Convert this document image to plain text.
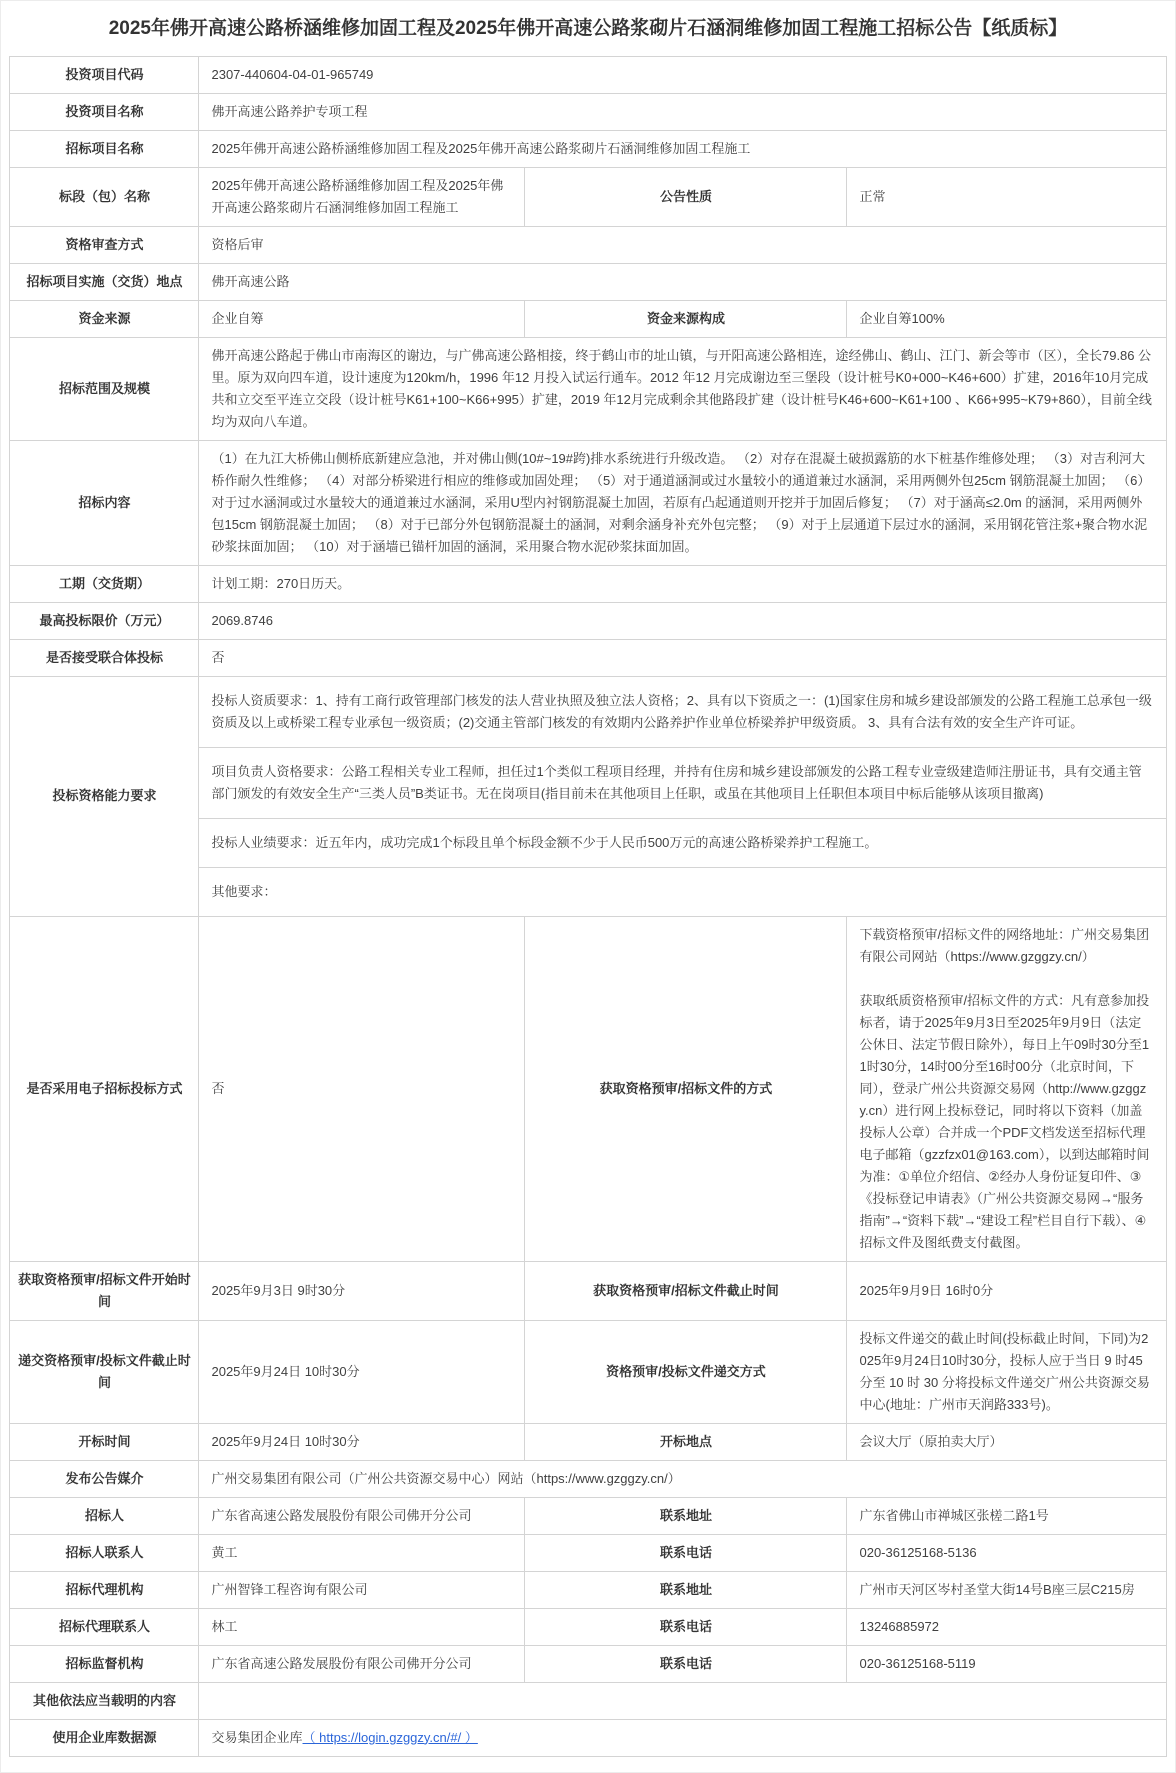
2025年佛开高速公路桥涵维修加固工程及2025年佛开高速公路浆砌片石涵洞维修加固工程施工招标公告【纸质标】
投资项目代码	2307-440604-04-01-965749		
投资项目名称	佛开高速公路养护专项工程		
招标项目名称	2025年佛开高速公路桥涵维修加固工程及2025年佛开高速公路浆砌片石涵洞维修加固工程施工		
标段（包）名称	2025年佛开高速公路桥涵维修加固工程及2025年佛开高速公路浆砌片石涵洞维修加固工程施工	公告性质	正常
资格审查方式	资格后审		
招标项目实施（交货）地点	佛开高速公路		
资金来源	企业自筹	资金来源构成	企业自筹100%
招标范围及规模	佛开高速公路起于佛山市南海区的谢边，与广佛高速公路相接，终于鹤山市的址山镇，与开阳高速公路相连，途经佛山、鹤山、江门、新会等市（区），全长79.86 公里。原为双向四车道，设计速度为120km/h，1996 年12 月投入试运行通车。2012 年12 月完成谢边至三堡段（设计桩号K0+000~K46+600）扩建，2016年10月完成共和立交至平连立交段（设计桩号K61+100~K66+995）扩建，2019 年12月完成剩余其他路段扩建（设计桩号K46+600~K61+100 、K66+995~K79+860），目前全线均为双向八车道。		
招标内容	（1）在九江大桥佛山侧桥底新建应急池，并对佛山侧(10#~19#跨)排水系统进行升级改造。 （2）对存在混凝土破损露筋的水下桩基作维修处理； （3）对吉利河大桥作耐久性维修； （4）对部分桥梁进行相应的维修或加固处理； （5）对于通道涵洞或过水量较小的通道兼过水涵洞，采用两侧外包25cm 钢筋混凝土加固； （6）对于过水涵洞或过水量较大的通道兼过水涵洞，采用U型内衬钢筋混凝土加固，若原有凸起通道则开挖并于加固后修复； （7）对于涵高≤2.0m 的涵洞，采用两侧外包15cm 钢筋混凝土加固； （8）对于已部分外包钢筋混凝土的涵洞，对剩余涵身补充外包完整； （9）对于上层通道下层过水的涵洞，采用钢花管注浆+聚合物水泥砂浆抹面加固； （10）对于涵墙已锚杆加固的涵洞，采用聚合物水泥砂浆抹面加固。		
工期（交货期）	计划工期：270日历天。		
最高投标限价（万元）	2069.8746		
是否接受联合体投标	否		
投标资格能力要求	投标人资质要求：1、持有工商行政管理部门核发的法人营业执照及独立法人资格；2、具有以下资质之一：(1)国家住房和城乡建设部颁发的公路工程施工总承包一级资质及以上或桥梁工程专业承包一级资质；(2)交通主管部门核发的有效期内公路养护作业单位桥梁养护甲级资质。 3、具有合法有效的安全生产许可证。
项目负责人资格要求：公路工程相关专业工程师，担任过1个类似工程项目经理，并持有住房和城乡建设部颁发的公路工程专业壹级建造师注册证书，具有交通主管部门颁发的有效安全生产“三类人员”B类证书。无在岗项目(指目前未在其他项目上任职，或虽在其他项目上任职但本项目中标后能够从该项目撤离)
投标人业绩要求：近五年内，成功完成1个标段且单个标段金额不少于人民币500万元的高速公路桥梁养护工程施工。
其他要求：		

是否采用电子招标投标方式	否	获取资格预审/招标文件的方式	下载资格预审/招标文件的网络地址：广州交易集团有限公司网站（https://www.gzggzy.cn/）
获取纸质资格预审/招标文件的方式：凡有意参加投标者，请于2025年9月3日至2025年9月9日（法定公休日、法定节假日除外），每日上午09时30分至11时30分，14时00分至16时00分（北京时间，下同），登录广州公共资源交易网（http://www.gzggzy.cn）进行网上投标登记，同时将以下资料（加盖投标人公章）合并成一个PDF文档发送至招标代理电子邮箱（gzzfzx01@163.com），以到达邮箱时间为准：①单位介绍信、②经办人身份证复印件、③《投标登记申请表》（广州公共资源交易网→“服务指南”→“资料下载”→“建设工程”栏目自行下载）、④招标文件及图纸费支付截图。

获取资格预审/招标文件开始时间	2025年9月3日 9时30分	获取资格预审/招标文件截止时间	2025年9月9日 16时0分
递交资格预审/投标文件截止时间	2025年9月24日 10时30分	资格预审/投标文件递交方式	投标文件递交的截止时间(投标截止时间，下同)为2025年9月24日10时30分，投标人应于当日 9 时45 分至 10 时 30 分将投标文件递交广州公共资源交易中心(地址：广州市天润路333号)。
开标时间	2025年9月24日 10时30分	开标地点	会议大厅（原拍卖大厅）
发布公告媒介	广州交易集团有限公司（广州公共资源交易中心）网站（https://www.gzggzy.cn/）		
招标人	广东省高速公路发展股份有限公司佛开分公司	联系地址	广东省佛山市禅城区张槎二路1号
招标人联系人	黄工	联系电话	020-36125168-5136
招标代理机构	广州智锋工程咨询有限公司	联系地址	广州市天河区岑村圣堂大街14号B座三层C215房
招标代理联系人	林工	联系电话	13246885972
招标监督机构	广东省高速公路发展股份有限公司佛开分公司	联系电话	020-36125168-5119
其他依法应当载明的内容			
使用企业库数据源	交易集团企业库（ https://login.gzggzy.cn/#/ ）		
